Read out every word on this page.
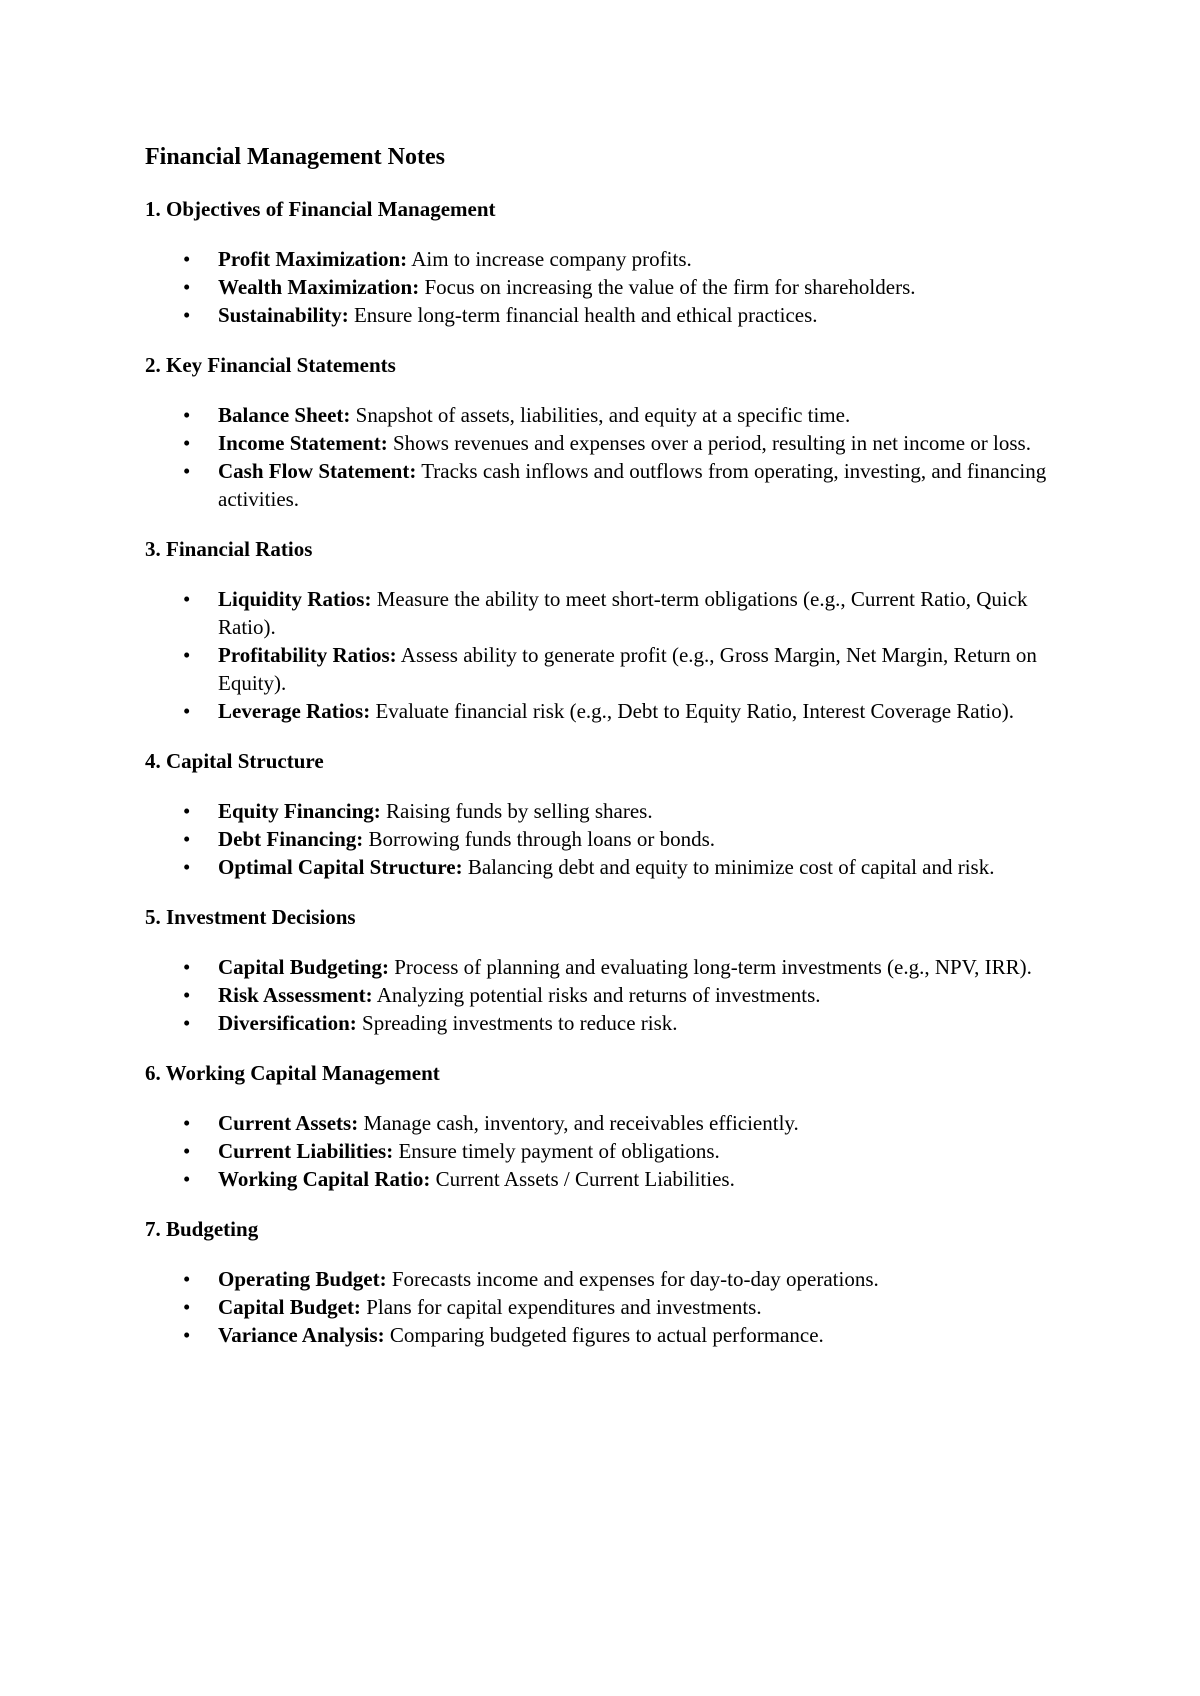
Financial Management Notes
1. Objectives of Financial Management
• Profit Maximization: Aim to increase company profits.
• Wealth Maximization: Focus on increasing the value of the firm for shareholders.
• Sustainability: Ensure long-term financial health and ethical practices.
2. Key Financial Statements
• Balance Sheet: Snapshot of assets, liabilities, and equity at a specific time.
• Income Statement: Shows revenues and expenses over a period, resulting in net income or loss.
• Cash Flow Statement: Tracks cash inflows and outflows from operating, investing, and financing activities.
3. Financial Ratios
• Liquidity Ratios: Measure the ability to meet short-term obligations (e.g., Current Ratio, Quick Ratio).
• Profitability Ratios: Assess ability to generate profit (e.g., Gross Margin, Net Margin, Return on Equity).
• Leverage Ratios: Evaluate financial risk (e.g., Debt to Equity Ratio, Interest Coverage Ratio).
4. Capital Structure
• Equity Financing: Raising funds by selling shares.
• Debt Financing: Borrowing funds through loans or bonds.
• Optimal Capital Structure: Balancing debt and equity to minimize cost of capital and risk.
5. Investment Decisions
• Capital Budgeting: Process of planning and evaluating long-term investments (e.g., NPV, IRR).
• Risk Assessment: Analyzing potential risks and returns of investments.
• Diversification: Spreading investments to reduce risk.
6. Working Capital Management
• Current Assets: Manage cash, inventory, and receivables efficiently.
• Current Liabilities: Ensure timely payment of obligations.
• Working Capital Ratio: Current Assets / Current Liabilities.
7. Budgeting
• Operating Budget: Forecasts income and expenses for day-to-day operations.
• Capital Budget: Plans for capital expenditures and investments.
• Variance Analysis: Comparing budgeted figures to actual performance.
